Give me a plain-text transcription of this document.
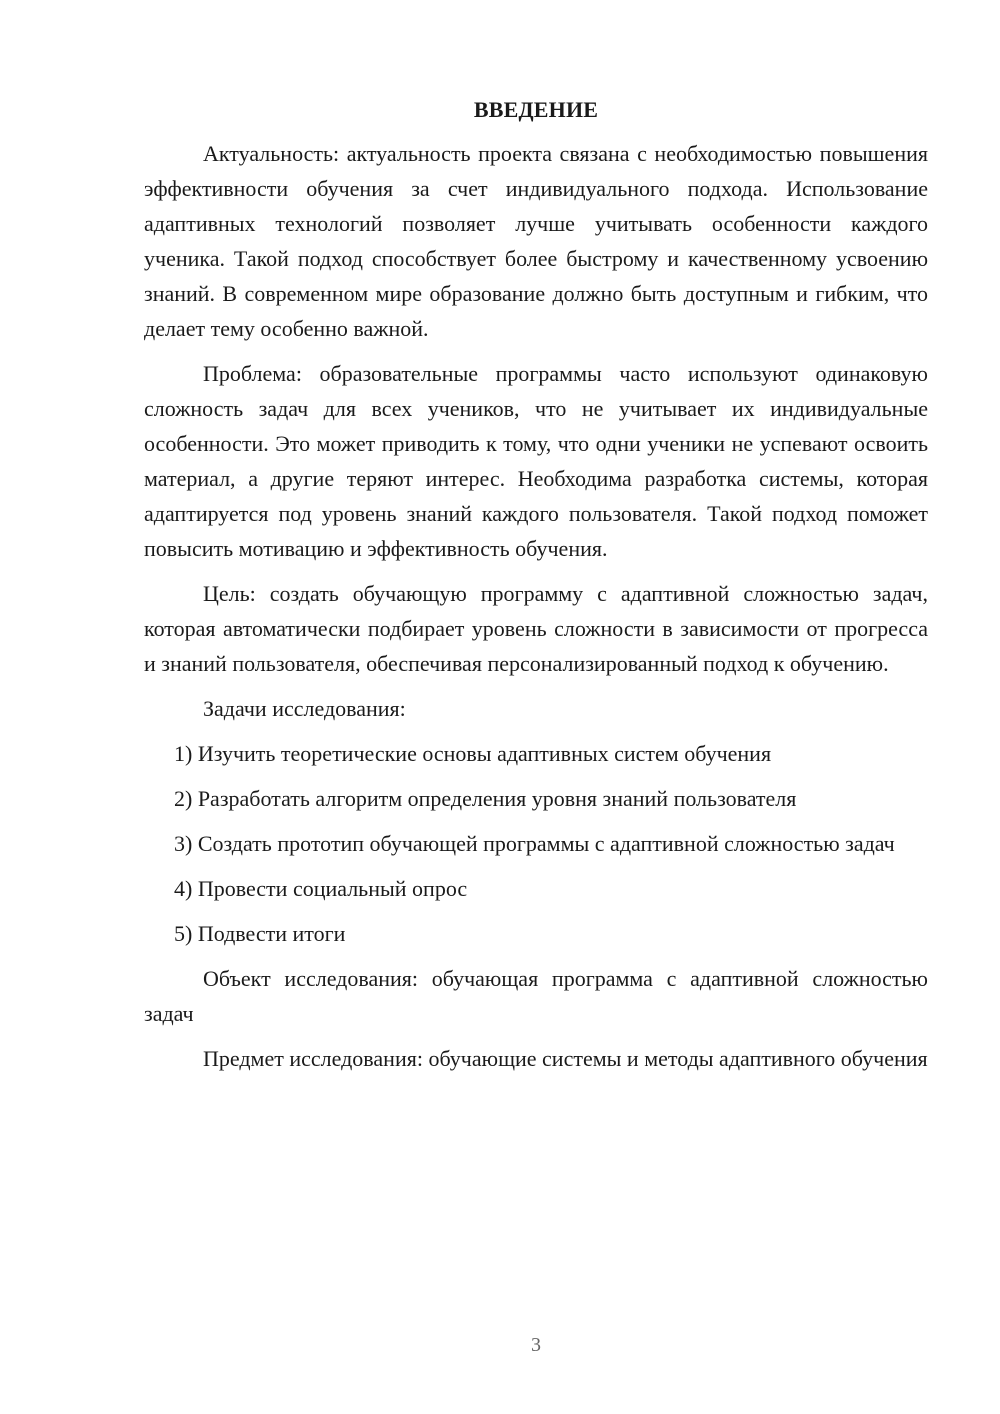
ВВЕДЕНИЕ

Актуальность: актуальность проекта связана с необходимостью повышения эффективности обучения за счет индивидуального подхода. Использование адаптивных технологий позволяет лучше учитывать особенности каждого ученика. Такой подход способствует более быстрому и качественному усвоению знаний. В современном мире образование должно быть доступным и гибким, что делает тему особенно важной.

Проблема: образовательные программы часто используют одинаковую сложность задач для всех учеников, что не учитывает их индивидуальные особенности. Это может приводить к тому, что одни ученики не успевают освоить материал, а другие теряют интерес. Необходима разработка системы, которая адаптируется под уровень знаний каждого пользователя. Такой подход поможет повысить мотивацию и эффективность обучения.

Цель: создать обучающую программу с адаптивной сложностью задач, которая автоматически подбирает уровень сложности в зависимости от прогресса и знаний пользователя, обеспечивая персонализированный подход к обучению.

Задачи исследования:

1) Изучить теоретические основы адаптивных систем обучения

2) Разработать алгоритм определения уровня знаний пользователя

3) Создать прототип обучающей программы с адаптивной сложностью задач

4) Провести социальный опрос

5) Подвести итоги

Объект исследования: обучающая программа с адаптивной сложностью задач

Предмет исследования: обучающие системы и методы адаптивного обучения

3
